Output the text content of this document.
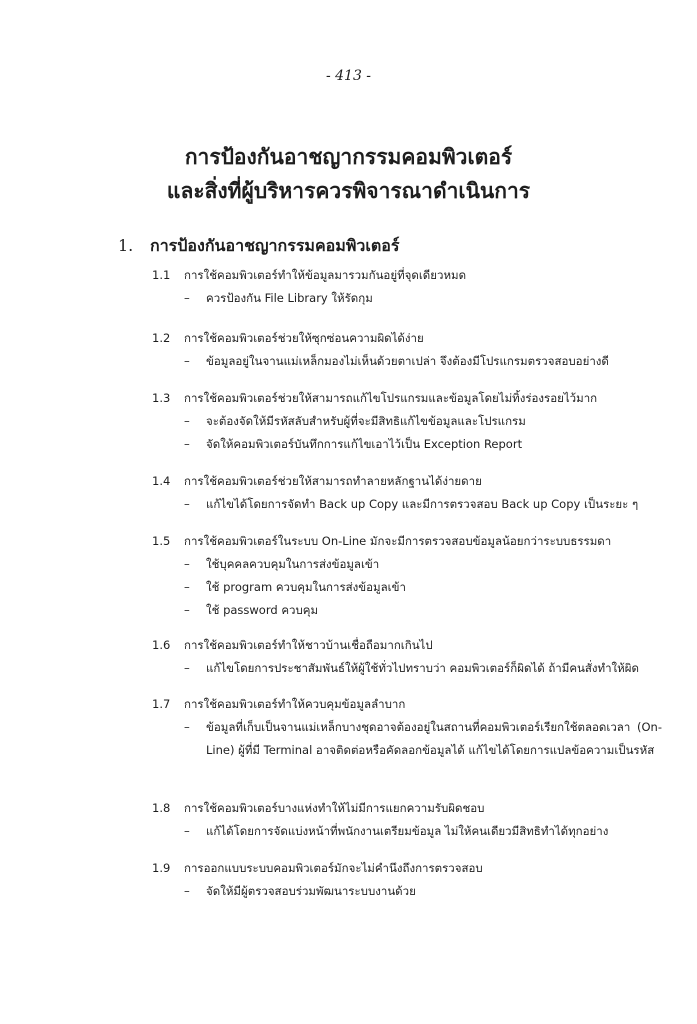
- 413 -
การป้องกันอาชญากรรมคอมพิวเตอร์
และสิ่งที่ผู้บริหารควรพิจารณาดำเนินการ
1. การป้องกันอาชญากรรมคอมพิวเตอร์
1.1	การใช้คอมพิวเตอร์ทำให้ข้อมูลมารวมกันอยู่ที่จุดเดียวหมด
–	ควรป้องกัน File Library ให้รัดกุม
1.2	การใช้คอมพิวเตอร์ช่วยให้ซุกซ่อนความผิดได้ง่าย
–	ข้อมูลอยู่ในจานแม่เหล็กมองไม่เห็นด้วยตาเปล่า จึงต้องมีโปรแกรมตรวจสอบอย่างดี
1.3	การใช้คอมพิวเตอร์ช่วยให้สามารถแก้ไขโปรแกรมและข้อมูลโดยไม่ทิ้งร่องรอยไว้มาก
–	จะต้องจัดให้มีรหัสลับสำหรับผู้ที่จะมีสิทธิแก้ไขข้อมูลและโปรแกรม
–	จัดให้คอมพิวเตอร์บันทึกการแก้ไขเอาไว้เป็น Exception Report
1.4	การใช้คอมพิวเตอร์ช่วยให้สามารถทำลายหลักฐานได้ง่ายดาย
–	แก้ไขได้โดยการจัดทำ Back up Copy และมีการตรวจสอบ Back up Copy เป็นระยะ ๆ
1.5	การใช้คอมพิวเตอร์ในระบบ On-Line มักจะมีการตรวจสอบข้อมูลน้อยกว่าระบบธรรมดา
–	ใช้บุคคลควบคุมในการส่งข้อมูลเข้า
–	ใช้ program ควบคุมในการส่งข้อมูลเข้า
–	ใช้ password ควบคุม
1.6	การใช้คอมพิวเตอร์ทำให้ชาวบ้านเชื่อถือมากเกินไป
–	แก้ไขโดยการประชาสัมพันธ์ให้ผู้ใช้ทั่วไปทราบว่า คอมพิวเตอร์ก็ผิดได้ ถ้ามีคนสั่งทำให้ผิด
1.7	การใช้คอมพิวเตอร์ทำให้ควบคุมข้อมูลลำบาก
–	ข้อมูลที่เก็บเป็นจานแม่เหล็กบางชุดอาจต้องอยู่ในสถานที่คอมพิวเตอร์เรียกใช้ตลอดเวลา (On-Line) ผู้ที่มี Terminal อาจติดต่อหรือคัดลอกข้อมูลได้ แก้ไขได้โดยการแปลข้อความเป็นรหัส
1.8	การใช้คอมพิวเตอร์บางแห่งทำให้ไม่มีการแยกความรับผิดชอบ
–	แก้ได้โดยการจัดแบ่งหน้าที่พนักงานเตรียมข้อมูล ไม่ให้คนเดียวมีสิทธิทำได้ทุกอย่าง
1.9	การออกแบบระบบคอมพิวเตอร์มักจะไม่คำนึงถึงการตรวจสอบ
–	จัดให้มีผู้ตรวจสอบร่วมพัฒนาระบบงานด้วย
